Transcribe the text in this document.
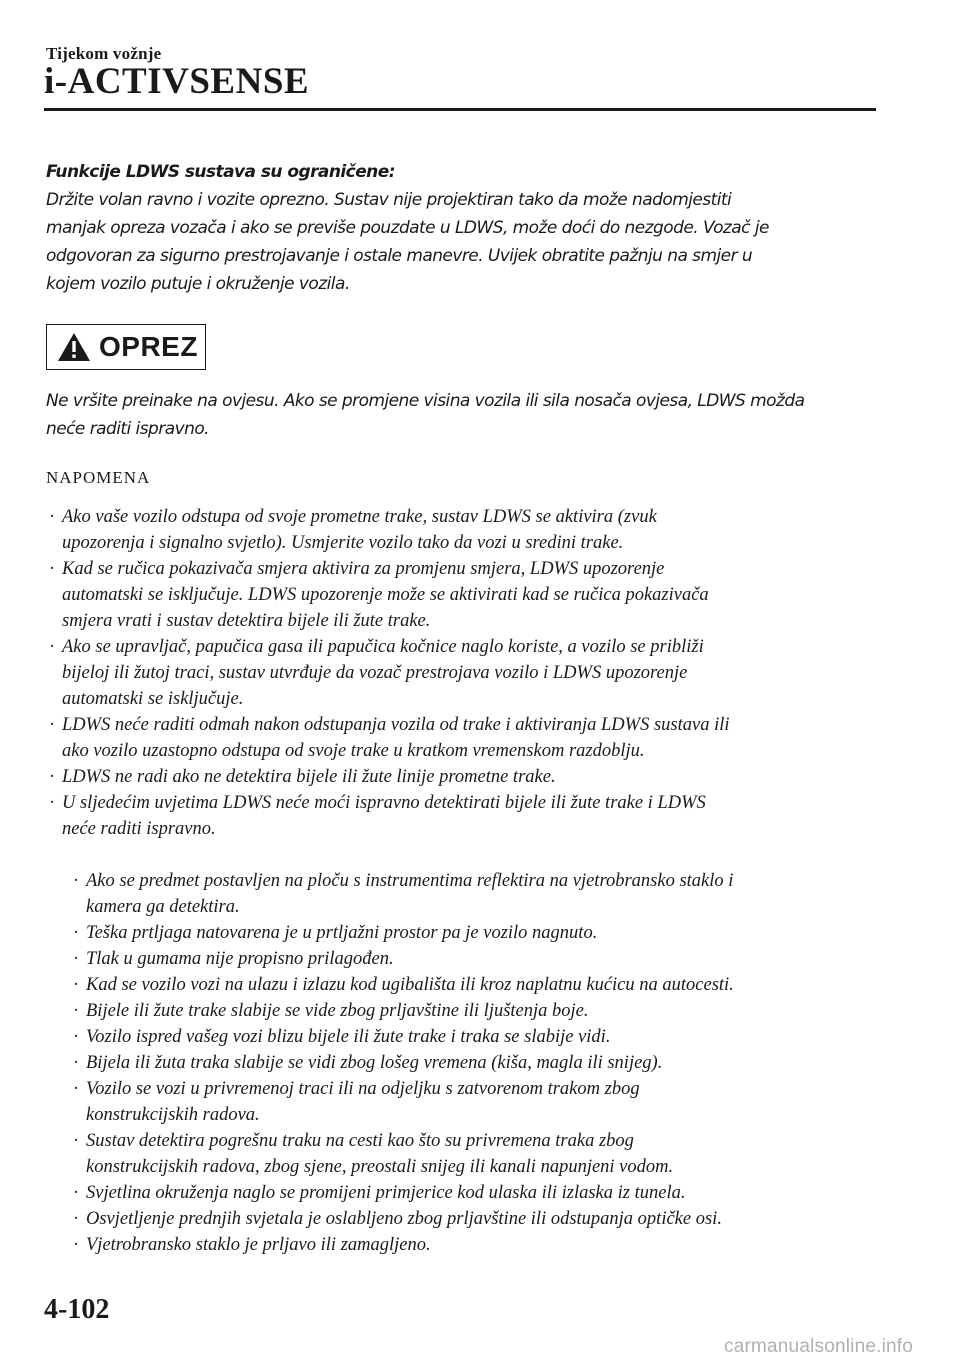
Tijekom vožnje
i-ACTIVSENSE
Funkcije LDWS sustava su ograničene:
Držite volan ravno i vozite oprezno. Sustav nije projektiran tako da može nadomjestiti
manjak opreza vozača i ako se previše pouzdate u LDWS, može doći do nezgode. Vozač je
odgovoran za sigurno prestrojavanje i ostale manevre. Uvijek obratite pažnju na smjer u
kojem vozilo putuje i okruženje vozila.
OPREZ
Ne vršite preinake na ovjesu. Ako se promjene visina vozila ili sila nosača ovjesa, LDWS možda
neće raditi ispravno.
NAPOMENA
· Ako vaše vozilo odstupa od svoje prometne trake, sustav LDWS se aktivira (zvuk
upozorenja i signalno svjetlo). Usmjerite vozilo tako da vozi u sredini trake.
· Kad se ručica pokazivača smjera aktivira za promjenu smjera, LDWS upozorenje
automatski se isključuje. LDWS upozorenje može se aktivirati kad se ručica pokazivača
smjera vrati i sustav detektira bijele ili žute trake.
· Ako se upravljač, papučica gasa ili papučica kočnice naglo koriste, a vozilo se približi
bijeloj ili žutoj traci, sustav utvrđuje da vozač prestrojava vozilo i LDWS upozorenje
automatski se isključuje.
· LDWS neće raditi odmah nakon odstupanja vozila od trake i aktiviranja LDWS sustava ili
ako vozilo uzastopno odstupa od svoje trake u kratkom vremenskom razdoblju.
· LDWS ne radi ako ne detektira bijele ili žute linije prometne trake.
· U sljedećim uvjetima LDWS neće moći ispravno detektirati bijele ili žute trake i LDWS
neće raditi ispravno.
· Ako se predmet postavljen na ploču s instrumentima reflektira na vjetrobransko staklo i
kamera ga detektira.
· Teška prtljaga natovarena je u prtljažni prostor pa je vozilo nagnuto.
· Tlak u gumama nije propisno prilagođen.
· Kad se vozilo vozi na ulazu i izlazu kod ugibališta ili kroz naplatnu kućicu na autocesti.
· Bijele ili žute trake slabije se vide zbog prljavštine ili ljuštenja boje.
· Vozilo ispred vašeg vozi blizu bijele ili žute trake i traka se slabije vidi.
· Bijela ili žuta traka slabije se vidi zbog lošeg vremena (kiša, magla ili snijeg).
· Vozilo se vozi u privremenoj traci ili na odjeljku s zatvorenom trakom zbog
konstrukcijskih radova.
· Sustav detektira pogrešnu traku na cesti kao što su privremena traka zbog
konstrukcijskih radova, zbog sjene, preostali snijeg ili kanali napunjeni vodom.
· Svjetlina okruženja naglo se promijeni primjerice kod ulaska ili izlaska iz tunela.
· Osvjetljenje prednjih svjetala je oslabljeno zbog prljavštine ili odstupanja optičke osi.
· Vjetrobransko staklo je prljavo ili zamagljeno.
4-102
carmanualsonline.info
